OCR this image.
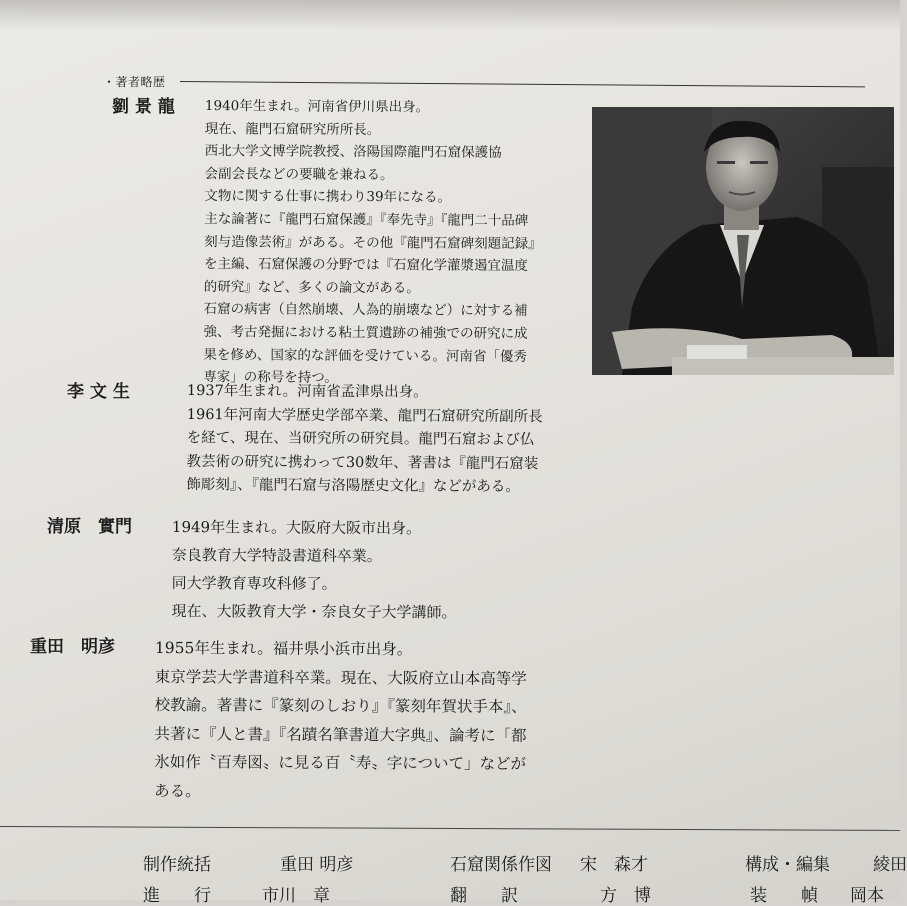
・著者略歴
劉 景 龍 1940年生まれ。河南省伊川県出身。
現在、龍門石窟研究所所長。
西北大学文博学院教授、洛陽国際龍門石窟保護協
会副会長などの要職を兼ねる。
文物に関する仕事に携わり39年になる。
主な論著に『龍門石窟保護』『奉先寺』『龍門二十品碑
刻与造像芸術』がある。その他『龍門石窟碑刻題記録』
を主編、石窟保護の分野では『石窟化学灌漿遏宜温度
的研究』など、多くの論文がある。
石窟の病害（自然崩壊、人為的崩壊など）に対する補
強、考古発掘における粘土質遺跡の補強での研究に成
果を修め、国家的な評価を受けている。河南省「優秀
専家」の称号を持つ。
李 文 生	1937年生まれ。河南省孟津県出身。
1961年河南大学歴史学部卒業、龍門石窟研究所副所長
を経て、現在、当研究所の研究員。龍門石窟および仏
教芸術の研究に携わって30数年、著書は『龍門石窟装
飾彫刻』、『龍門石窟与洛陽歴史文化』などがある。
清原　實門	1949年生まれ。大阪府大阪市出身。
奈良教育大学特設書道科卒業。
同大学教育専攻科修了。
現在、大阪教育大学・奈良女子大学講師。
重田　明彦	1955年生まれ。福井県小浜市出身。
東京学芸大学書道科卒業。現在、大阪府立山本高等学
校教諭。著書に『篆刻のしおり』『篆刻年賀状手本』、
共著に『人と書』『名蹟名筆書道大字典』、論考に「都
氷如作〝百寿図〟に見る百〝寿〟字について」などが
ある。
制作統括	重田 明彦	石窟関係作図 宋　森才	構成・編集	綾田
進　　行	市川　章	翻　　訳	方　博	装　　幀 岡本
